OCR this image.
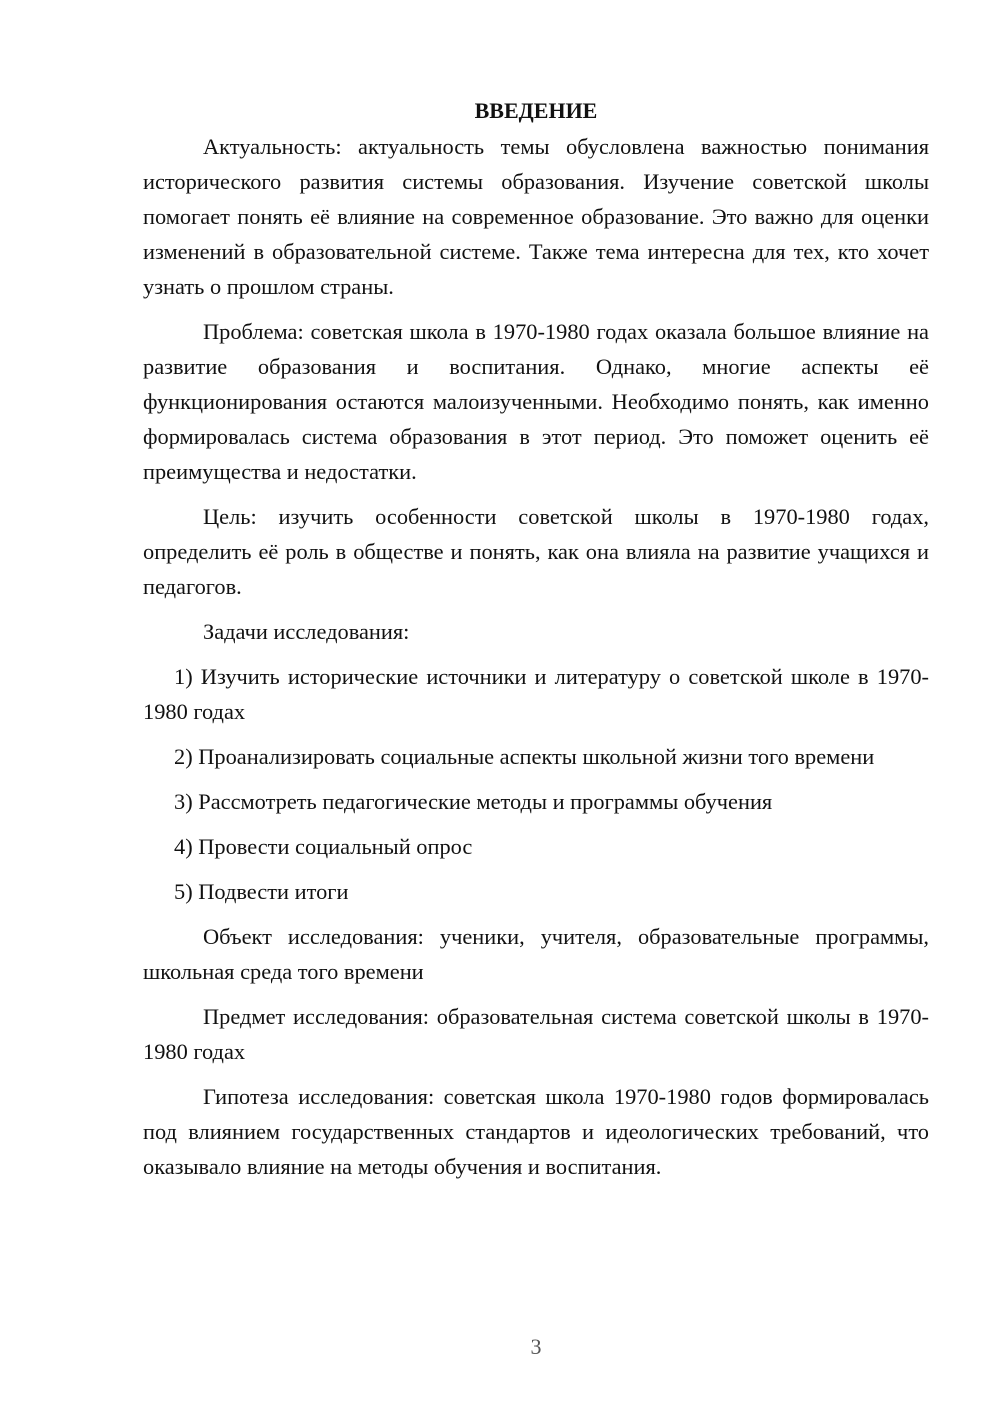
ВВЕДЕНИЕ

Актуальность: актуальность темы обусловлена важностью понимания исторического развития системы образования. Изучение советской школы помогает понять её влияние на современное образование. Это важно для оценки изменений в образовательной системе. Также тема интересна для тех, кто хочет узнать о прошлом страны.

Проблема: советская школа в 1970-1980 годах оказала большое влияние на развитие образования и воспитания. Однако, многие аспекты её функционирования остаются малоизученными. Необходимо понять, как именно формировалась система образования в этот период. Это поможет оценить её преимущества и недостатки.

Цель: изучить особенности советской школы в 1970-1980 годах, определить её роль в обществе и понять, как она влияла на развитие учащихся и педагогов.

Задачи исследования:

1) Изучить исторические источники и литературу о советской школе в 1970-1980 годах

2) Проанализировать социальные аспекты школьной жизни того времени

3) Рассмотреть педагогические методы и программы обучения

4) Провести социальный опрос

5) Подвести итоги

Объект исследования: ученики, учителя, образовательные программы, школьная среда того времени

Предмет исследования: образовательная система советской школы в 1970-1980 годах

Гипотеза исследования: советская школа 1970-1980 годов формировалась под влиянием государственных стандартов и идеологических требований, что оказывало влияние на методы обучения и воспитания.

3
